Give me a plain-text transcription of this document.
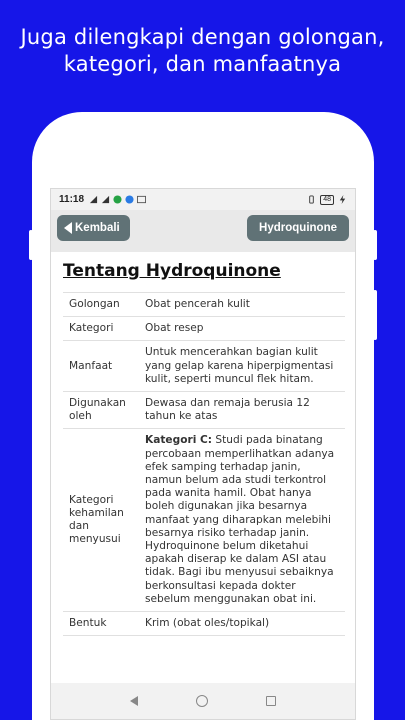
Juga dilengkapi dengan golongan,
kategori, dan manfaatnya
11:18	48
Kembali	Hydroquinone
Tentang Hydroquinone
Golongan	Obat pencerah kulit
Kategori	Obat resep
Manfaat	Untuk mencerahkan bagian kulit yang gelap karena hiperpigmentasi kulit, seperti muncul flek hitam.
Digunakan oleh	Dewasa dan remaja berusia 12 tahun ke atas
Kategori kehamilan dan menyusui	Kategori C: Studi pada binatang percobaan memperlihatkan adanya efek samping terhadap janin, namun belum ada studi terkontrol pada wanita hamil. Obat hanya boleh digunakan jika besarnya manfaat yang diharapkan melebihi besarnya risiko terhadap janin. Hydroquinone belum diketahui apakah diserap ke dalam ASI atau tidak. Bagi ibu menyusui sebaiknya berkonsultasi kepada dokter sebelum menggunakan obat ini.
Bentuk	Krim (obat oles/topikal)
